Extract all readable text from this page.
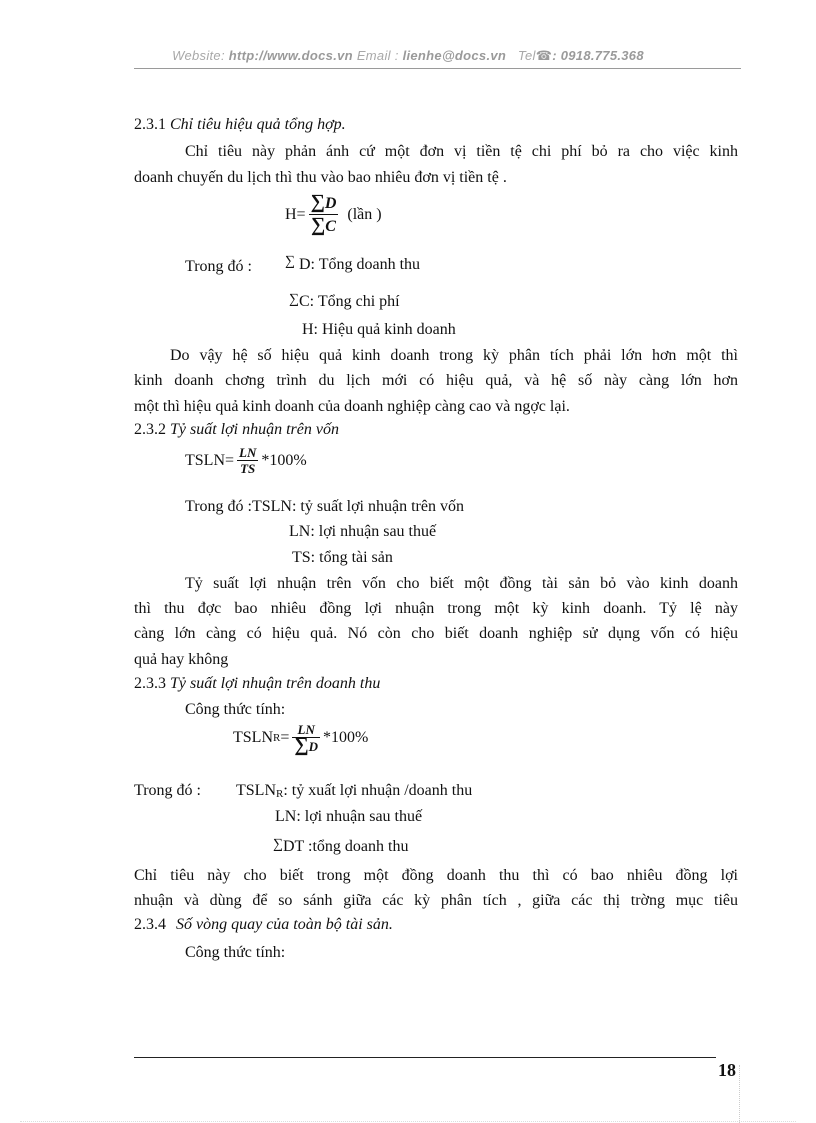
Website: http://www.docs.vn Email : lienhe@docs.vn Tel☎: 0918.775.368
2.3.1 Chỉ tiêu hiệu quả tổng hợp.
Chỉ tiêu này phản ánh cứ một đơn vị tiền tệ chi phí bỏ ra cho việc kinh
doanh chuyến du lịch thì thu vào bao nhiêu đơn vị tiền tệ .
$H= \frac{\sum D}{\sum C}$ (lần )
Trong đó : ∑ D: Tổng doanh thu
∑C: Tổng chi phí
H: Hiệu quả kinh doanh
Do vậy hệ số hiệu quả kinh doanh trong kỳ phân tích phải lớn hơn một thì
kinh doanh chơng trình du lịch mới có hiệu quả, và hệ số này càng lớn hơn
một thì hiệu quả kinh doanh của doanh nghiệp càng cao và ngợc lại.
2.3.2 Tỷ suất lợi nhuận trên vốn
TSLN= $\frac{LN}{TS} *100\%$
Trong đó :TSLN: tỷ suất lợi nhuận trên vốn
LN: lợi nhuận sau thuế
TS: tổng tài sản
Tỷ suất lợi nhuận trên vốn cho biết một đồng tài sản bỏ vào kinh doanh
thì thu đợc bao nhiêu đồng lợi nhuận trong một kỳ kinh doanh. Tỷ lệ này
càng lớn càng có hiệu quả. Nó còn cho biết doanh nghiệp sử dụng vốn có hiệu
quả hay không
2.3.3 Tỷ suất lợi nhuận trên doanh thu
Công thức tính:
TSLN $R = \frac{LN}{\sum D} *100\%$
Trong đó : TSLNR: tỷ xuất lợi nhuận /doanh thu
LN: lợi nhuận sau thuế
∑DT :tổng doanh thu
Chỉ tiêu này cho biết trong một đồng doanh thu thì có bao nhiêu đồng lợi
nhuận và dùng để so sánh giữa các kỳ phân tích , giữa các thị trờng mục tiêu
2.3.4 Số vòng quay của toàn bộ tài sản.
Công thức tính:
18
